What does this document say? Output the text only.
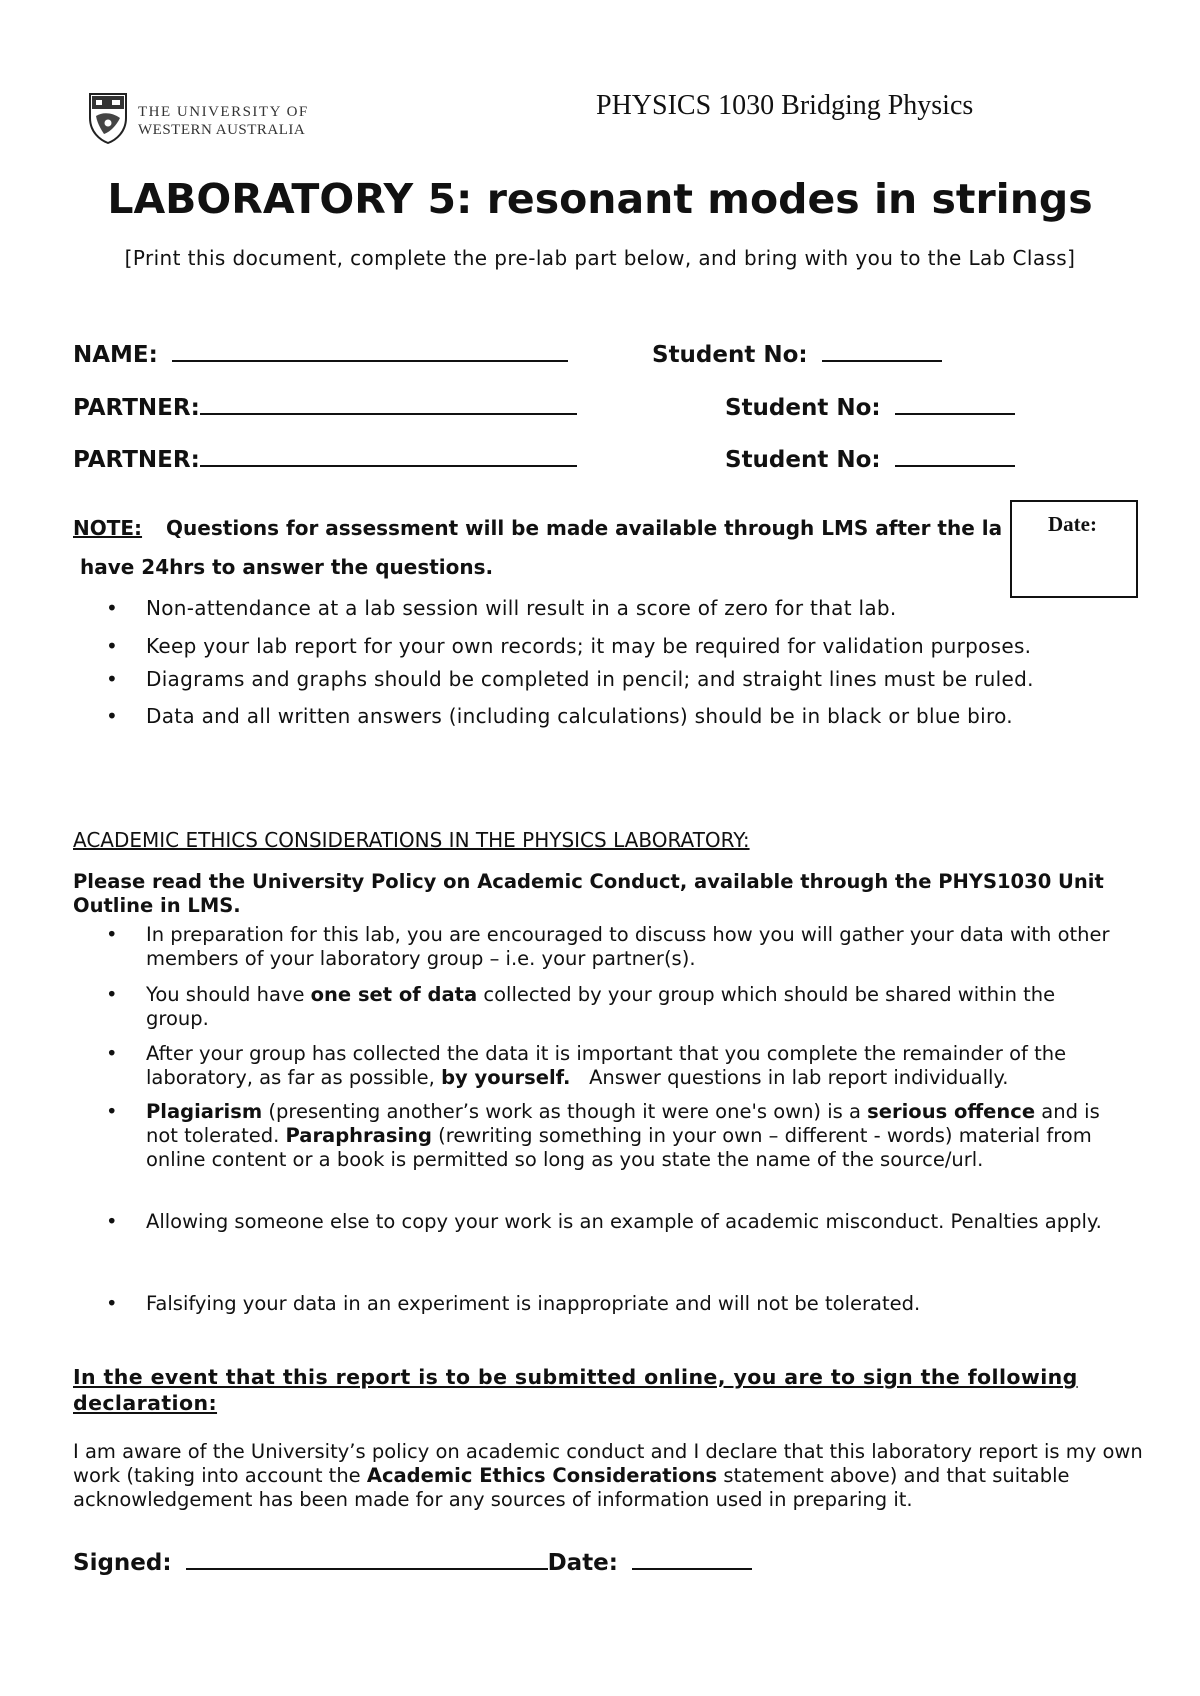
THE UNIVERSITY OF
WESTERN AUSTRALIA
PHYSICS 1030 Bridging Physics
LABORATORY 5: resonant modes in strings
[Print this document, complete the pre-lab part below, and bring with you to the Lab Class]
NAME:	Student No:
PARTNER:	Student No:
PARTNER:	Student No:
NOTE: Questions for assessment will be made available through LMS after the la
have 24hrs to answer the questions.
Date:
Non-attendance at a lab session will result in a score of zero for that lab.
Keep your lab report for your own records; it may be required for validation purposes.
Diagrams and graphs should be completed in pencil; and straight lines must be ruled.
Data and all written answers (including calculations) should be in black or blue biro.
ACADEMIC ETHICS CONSIDERATIONS IN THE PHYSICS LABORATORY:
Please read the University Policy on Academic Conduct, available through the PHYS1030 Unit Outline in LMS.
• In preparation for this lab, you are encouraged to discuss how you will gather your data with other members of your laboratory group – i.e. your partner(s).
• You should have one set of data collected by your group which should be shared within the group.
• After your group has collected the data it is important that you complete the remainder of the laboratory, as far as possible, by yourself.   Answer questions in lab report individually.
• Plagiarism (presenting another’s work as though it were one's own) is a serious offence and is not tolerated. Paraphrasing (rewriting something in your own – different - words) material from online content or a book is permitted so long as you state the name of the source/url.
• Allowing someone else to copy your work is an example of academic misconduct. Penalties apply.
• Falsifying your data in an experiment is inappropriate and will not be tolerated.
In the event that this report is to be submitted online, you are to sign the following declaration:
I am aware of the University’s policy on academic conduct and I declare that this laboratory report is my own work (taking into account the Academic Ethics Considerations statement above) and that suitable acknowledgement has been made for any sources of information used in preparing it.
Signed:	Date:
